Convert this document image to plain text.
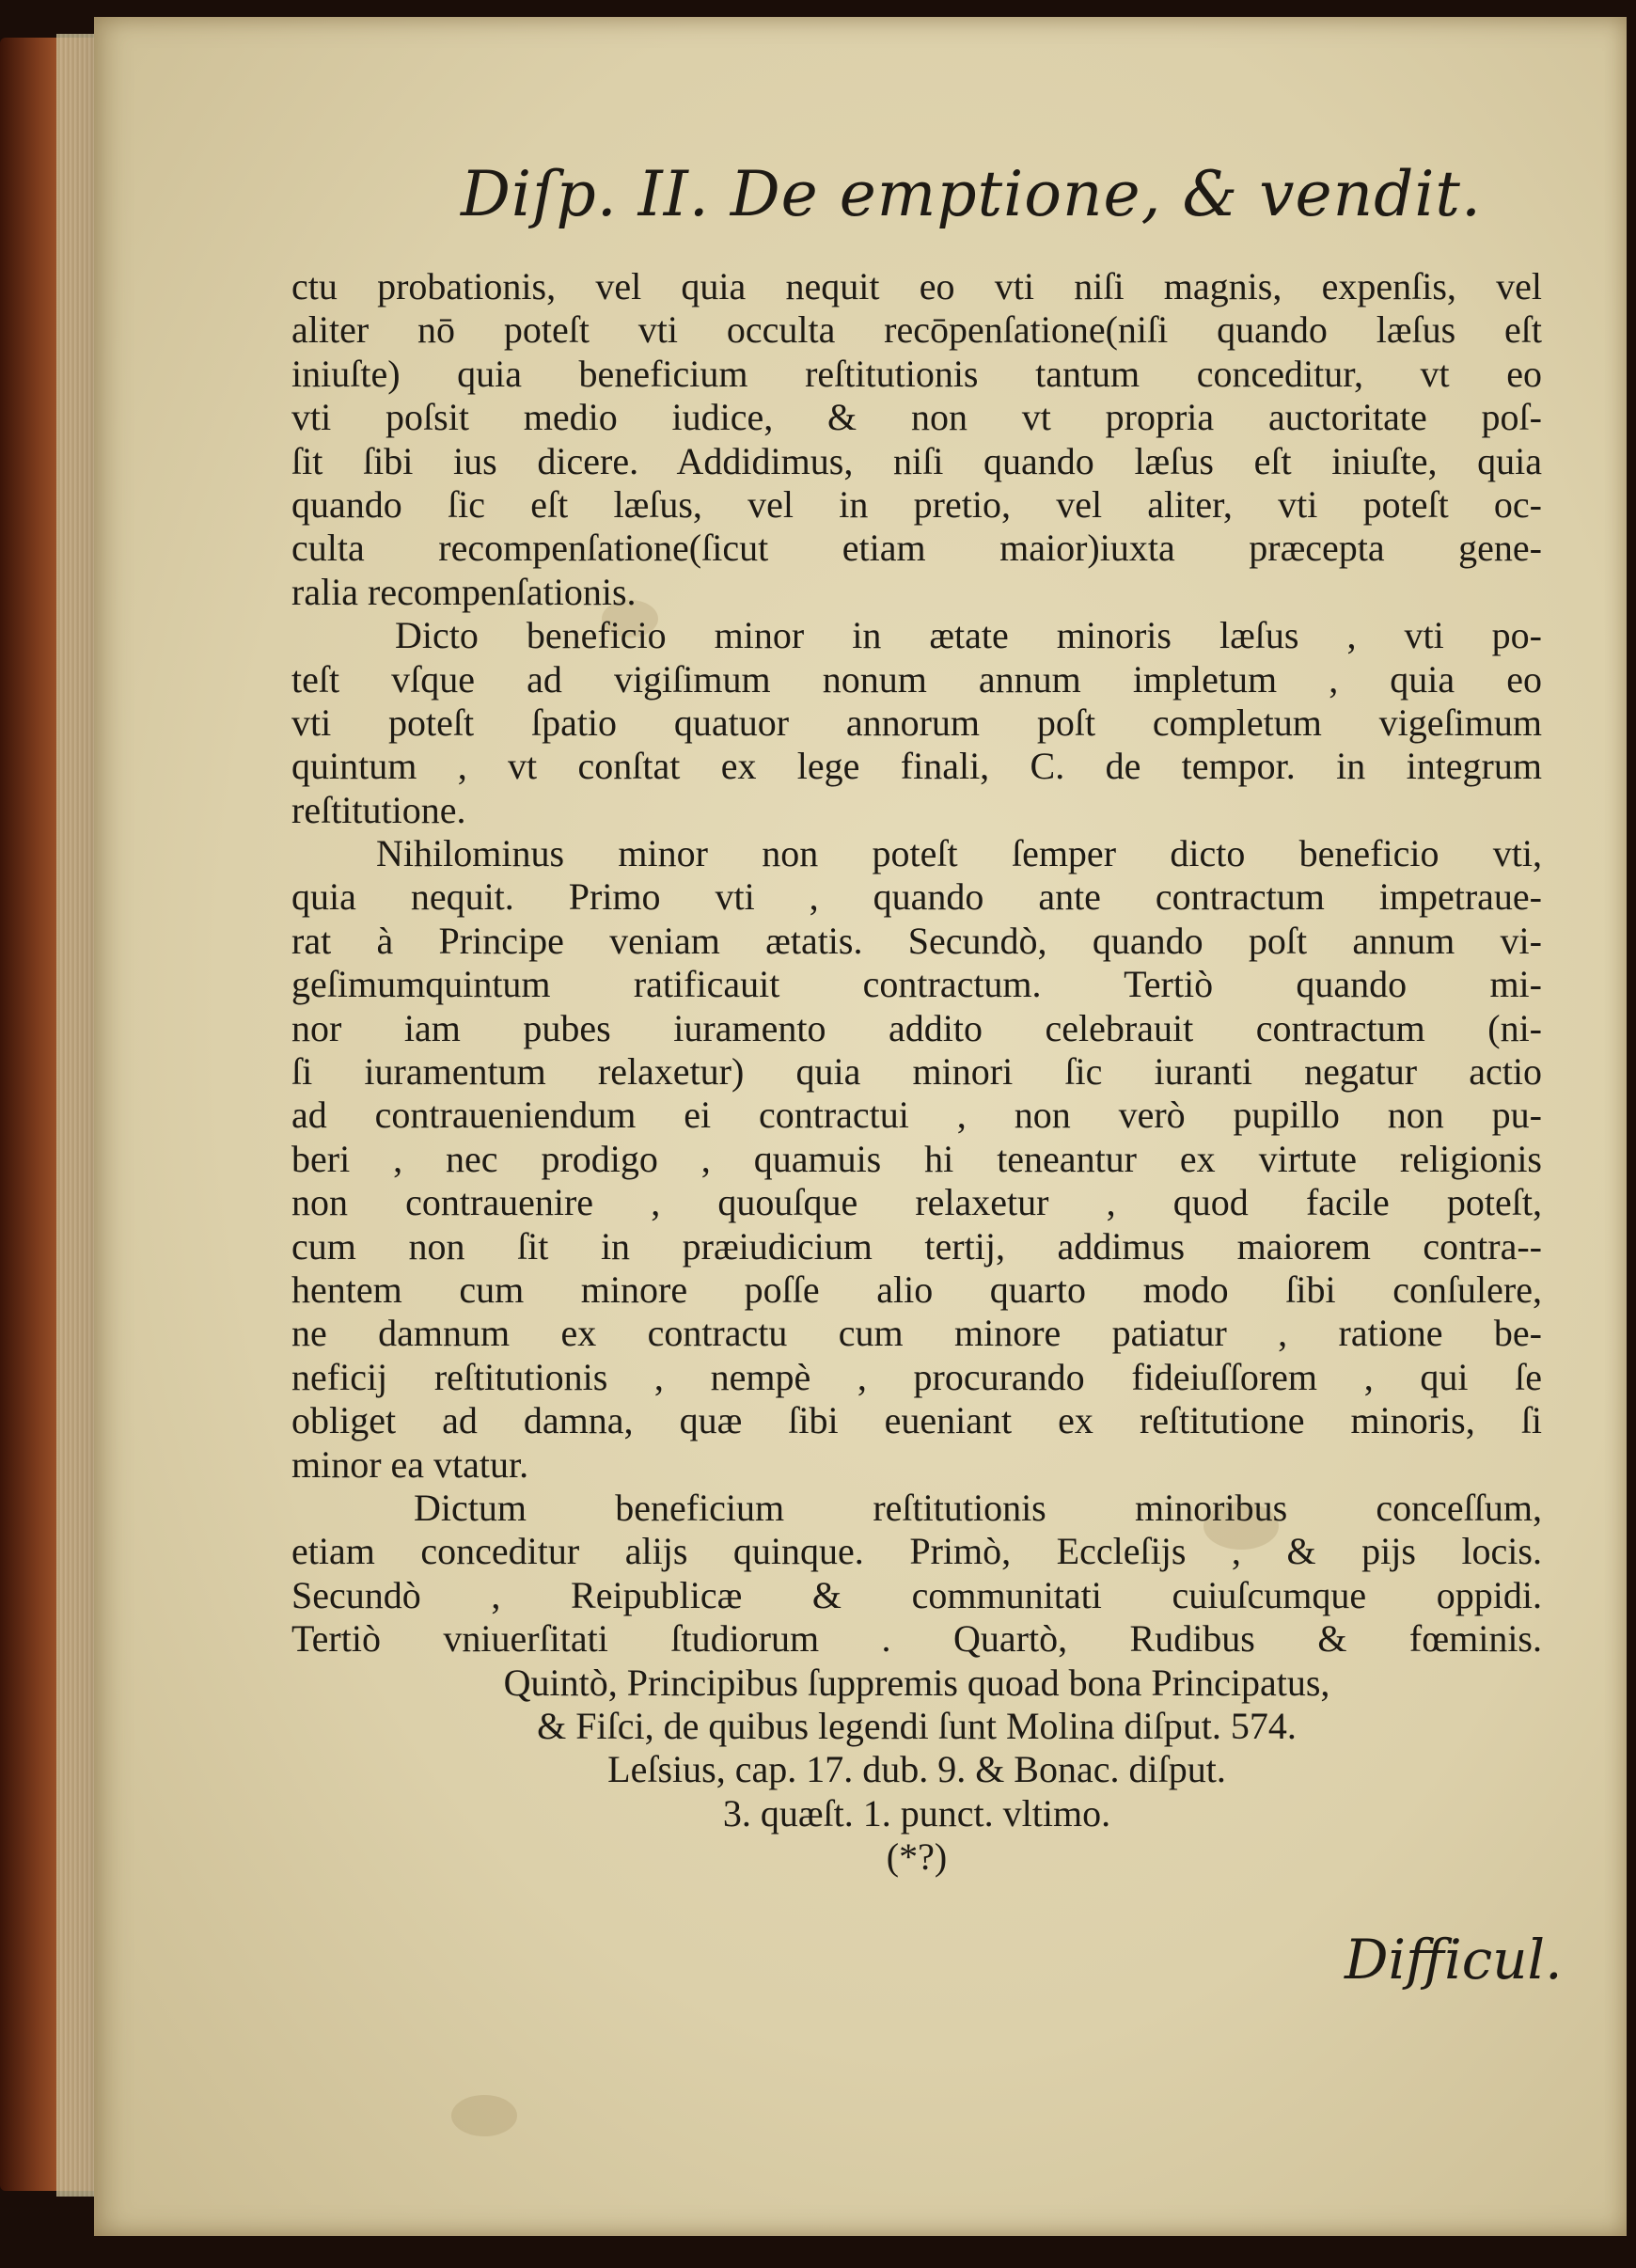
Diſp. II. De emptione, & vendit.
ctu probationis, vel quia nequit eo vti niſi magnis, expenſis, vel
aliter nō poteſt vti occulta recōpenſatione(niſi quando læſus eſt
iniuſte) quia beneficium reſtitutionis tantum conceditur, vt eo
vti poſsit medio iudice, & non vt propria auctoritate poſ-
ſit ſibi ius dicere. Addidimus, niſi quando læſus eſt iniuſte, quia
quando ſic eſt læſus, vel in pretio, vel aliter, vti poteſt oc-
culta recompenſatione(ſicut etiam maior)iuxta præcepta gene-
ralia recompenſationis.
Dicto beneficio minor in ætate minoris læſus , vti po-
teſt vſque ad vigiſimum nonum annum impletum , quia eo
vti poteſt ſpatio quatuor annorum poſt completum vigeſimum
quintum , vt conſtat ex lege finali, C. de tempor. in integrum
reſtitutione.
Nihilominus minor non poteſt ſemper dicto beneficio vti,
quia nequit. Primo vti , quando ante contractum impetraue-
rat à Principe veniam ætatis. Secundò, quando poſt annum vi-
geſimumquintum ratificauit contractum. Tertiò quando mi-
nor iam pubes iuramento addito celebrauit contractum (ni-
ſi iuramentum relaxetur) quia minori ſic iuranti negatur actio
ad contraueniendum ei contractui , non verò pupillo non pu-
beri , nec prodigo , quamuis hi teneantur ex virtute religionis
non contrauenire , quouſque relaxetur , quod facile poteſt,
cum non ſit in præiudicium tertij, addimus maiorem contra--
hentem cum minore poſſe alio quarto modo ſibi conſulere,
ne damnum ex contractu cum minore patiatur , ratione be-
neficij reſtitutionis , nempè , procurando fideiuſſorem , qui ſe
obliget ad damna, quæ ſibi eueniant ex reſtitutione minoris, ſi
minor ea vtatur.
Dictum beneficium reſtitutionis minoribus conceſſum,
etiam conceditur alijs quinque. Primò, Eccleſijs , & pijs locis.
Secundò , Reipublicæ & communitati cuiuſcumque oppidi.
Tertiò vniuerſitati ſtudiorum . Quartò, Rudibus & fœminis.
Quintò, Principibus ſuppremis quoad bona Principatus,
& Fiſci, de quibus legendi ſunt Molina diſput. 574.
Leſsius, cap. 17. dub. 9. & Bonac. diſput.
3. quæſt. 1. punct. vltimo.
(*?)
Difficul.
